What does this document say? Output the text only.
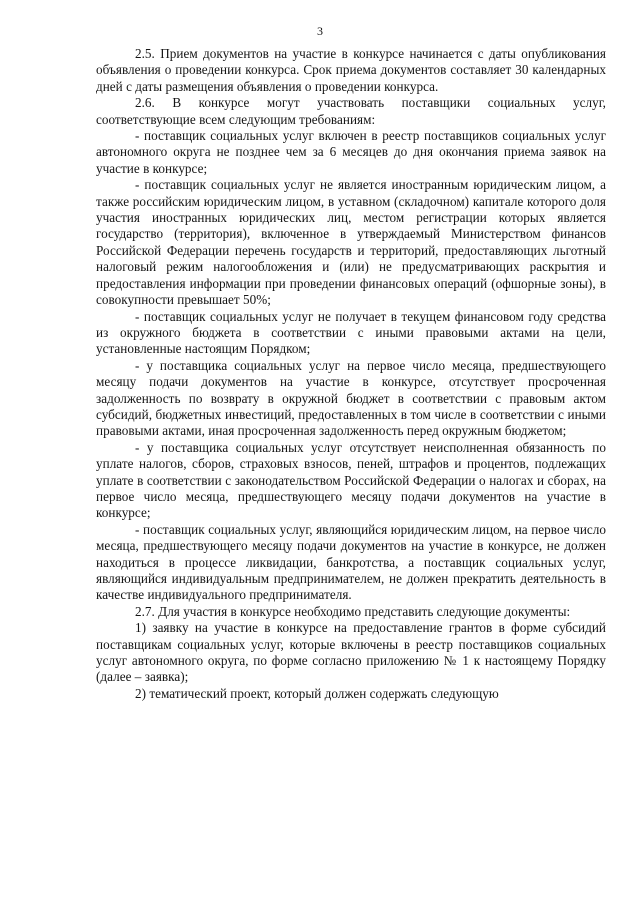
3

2.5. Прием документов на участие в конкурсе начинается с даты опубликования объявления о проведении конкурса. Срок приема документов составляет 30 календарных дней с даты размещения объявления о проведении конкурса.

2.6. В конкурсе могут участвовать поставщики социальных услуг, соответствующие всем следующим требованиям:

- поставщик социальных услуг включен в реестр поставщиков социальных услуг автономного округа не позднее чем за 6 месяцев до дня окончания приема заявок на участие в конкурсе;

- поставщик социальных услуг не является иностранным юридическим лицом, а также российским юридическим лицом, в уставном (складочном) капитале которого доля участия иностранных юридических лиц, местом регистрации которых является государство (территория), включенное в утверждаемый Министерством финансов Российской Федерации перечень государств и территорий, предоставляющих льготный налоговый режим налогообложения и (или) не предусматривающих раскрытия и предоставления информации при проведении финансовых операций (офшорные зоны), в совокупности превышает 50%;

- поставщик социальных услуг не получает в текущем финансовом году средства из окружного бюджета в соответствии с иными правовыми актами на цели, установленные настоящим Порядком;

- у поставщика социальных услуг на первое число месяца, предшествующего месяцу подачи документов на участие в конкурсе, отсутствует просроченная задолженность по возврату в окружной бюджет в соответствии с правовым актом субсидий, бюджетных инвестиций, предоставленных в том числе в соответствии с иными правовыми актами, иная просроченная задолженность перед окружным бюджетом;

- у поставщика социальных услуг отсутствует неисполненная обязанность по уплате налогов, сборов, страховых взносов, пеней, штрафов и процентов, подлежащих уплате в соответствии с законодательством Российской Федерации о налогах и сборах, на первое число месяца, предшествующего месяцу подачи документов на участие в конкурсе;

- поставщик социальных услуг, являющийся юридическим лицом, на первое число месяца, предшествующего месяцу подачи документов на участие в конкурсе, не должен находиться в процессе ликвидации, банкротства, а поставщик социальных услуг, являющийся индивидуальным предпринимателем, не должен прекратить деятельность в качестве индивидуального предпринимателя.

2.7. Для участия в конкурсе необходимо представить следующие документы:

1) заявку на участие в конкурсе на предоставление грантов в форме субсидий поставщикам социальных услуг, которые включены в реестр поставщиков социальных услуг автономного округа, по форме согласно приложению № 1 к настоящему Порядку (далее – заявка);

2) тематический проект, который должен содержать следующую
